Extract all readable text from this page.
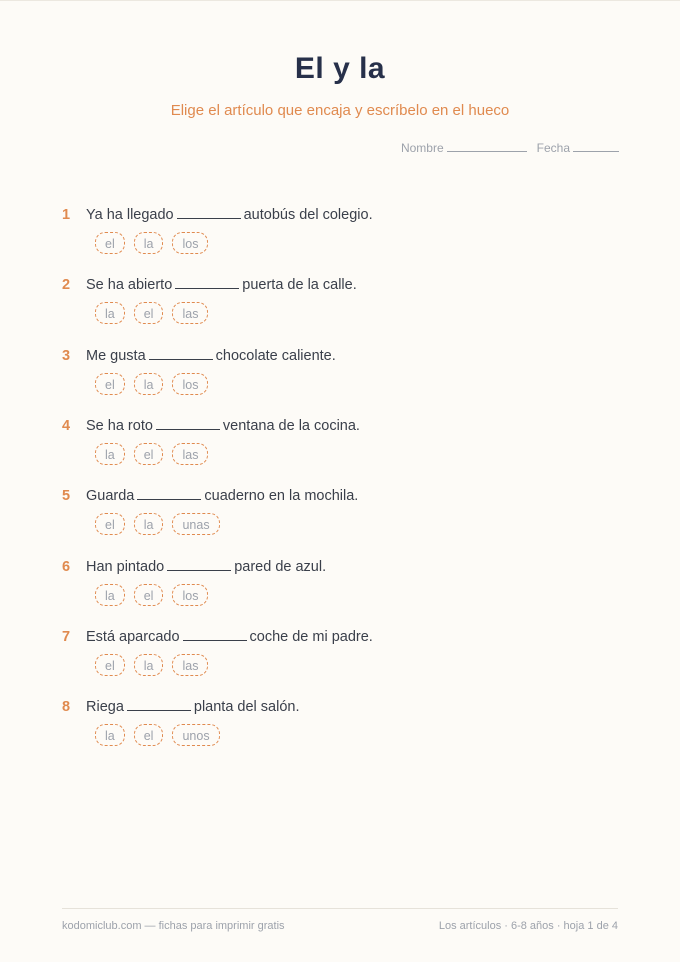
El y la
Elige el artículo que encaja y escríbelo en el hueco
Nombre	Fecha
1 Ya ha llegado	autobús del colegio.
el	la	los
2 Se ha abierto	puerta de la calle.
la	el	las
3 Me gusta	chocolate caliente.
el	la	los
4 Se ha roto	ventana de la cocina.
la	el	las
5 Guarda	cuaderno en la mochila.
el	la	unas
6 Han pintado	pared de azul.
la	el	los
7 Está aparcado	coche de mi padre.
el	la	las
8 Riega	planta del salón.
la	el	unos
kodomiclub.com — fichas para imprimir gratis	Los artículos · 6-8 años · hoja 1 de 4
